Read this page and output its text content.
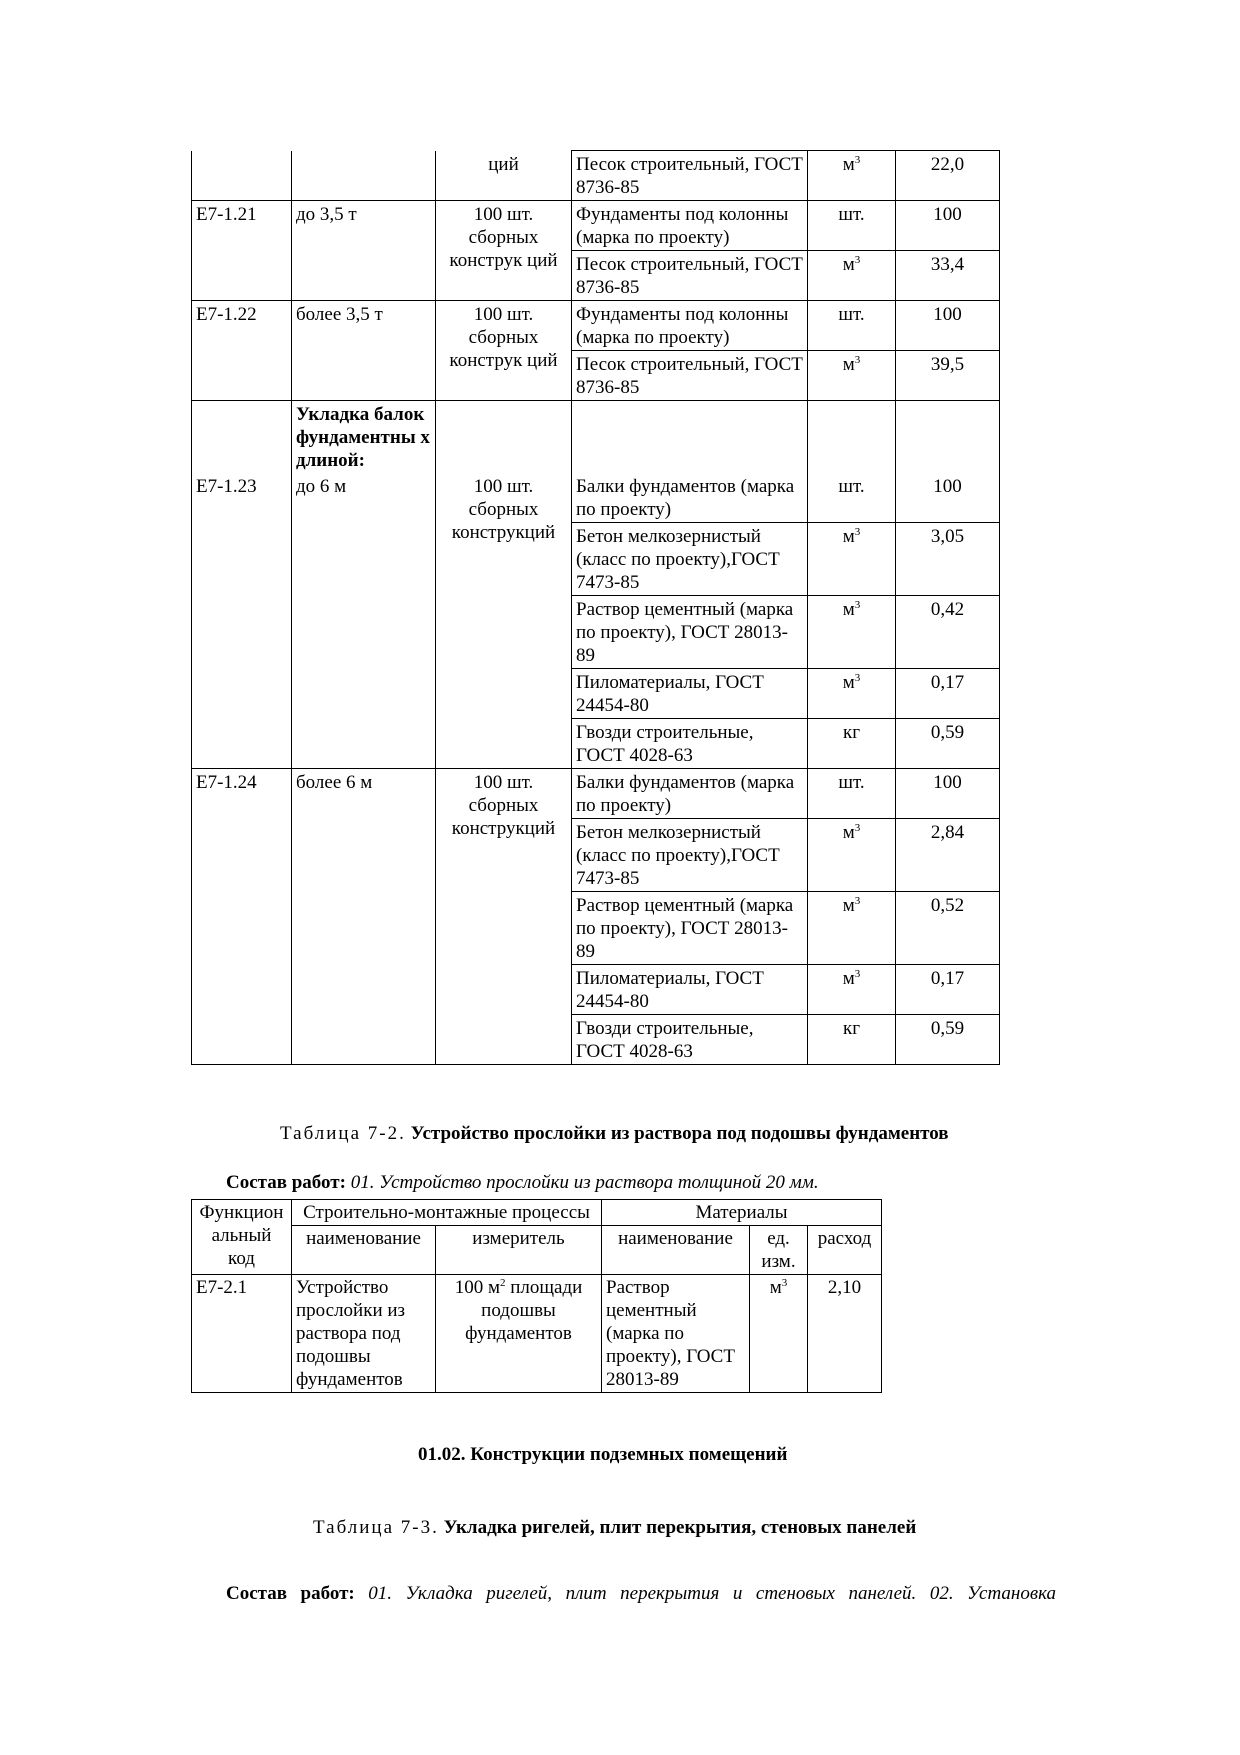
		ций	Песок строительный, ГОСТ 8736-85	$м^3$	22,0
Е7-1.21	до 3,5 т	100 шт. сборных конструк ций	Фундаменты под колонны (марка по проекту)	шт.	100
			Песок строительный, ГОСТ 8736-85	$м^3$	33,4
Е7-1.22	более 3,5 т	100 шт. сборных конструк ций	Фундаменты под колонны (марка по проекту)	шт.	100
			Песок строительный, ГОСТ 8736-85	$м^3$	39,5
	Укладка балок фундаментны х длиной:				
Е7-1.23	до 6 м	100 шт. сборных конструкций	Балки фундаментов (марка по проекту)	шт.	100
			Бетон мелкозернистый (класс по проекту),ГОСТ 7473-85	$м^3$	3,05
			Раствор цементный (марка по проекту), ГОСТ 28013-89	$м^3$	0,42
			Пиломатериалы, ГОСТ 24454-80	$м^3$	0,17
			Гвозди строительные, ГОСТ 4028-63	кг	0,59
Е7-1.24	более 6 м	100 шт. сборных конструкций	Балки фундаментов (марка по проекту)	шт.	100
			Бетон мелкозернистый (класс по проекту),ГОСТ 7473-85	$м^3$	2,84
			Раствор цементный (марка по проекту), ГОСТ 28013-89	$м^3$	0,52
			Пиломатериалы, ГОСТ 24454-80	$м^3$	0,17
			Гвозди строительные, ГОСТ 4028-63	кг	0,59
Таблица 7-2. Устройство прослойки из раствора под подошвы фундаментов
Состав работ: 01. Устройство прослойки из раствора толщиной 20 мм.
Функцион альный код	Строительно-монтажные процессы		Материалы		
	наименование	измеритель	наименование	ед. изм.	расход
Е7-2.1	Устройство прослойки из раствора под подошвы фундаментов	100 $м^2$ площади подошвы фундаментов	Раствор цементный (марка по проекту), ГОСТ 28013-89	$м^3$	2,10
01.02. Конструкции подземных помещений
Таблица 7-3. Укладка ригелей, плит перекрытия, стеновых панелей
Состав работ: 01. Укладка ригелей, плит перекрытия и стеновых панелей. 02. Установка
